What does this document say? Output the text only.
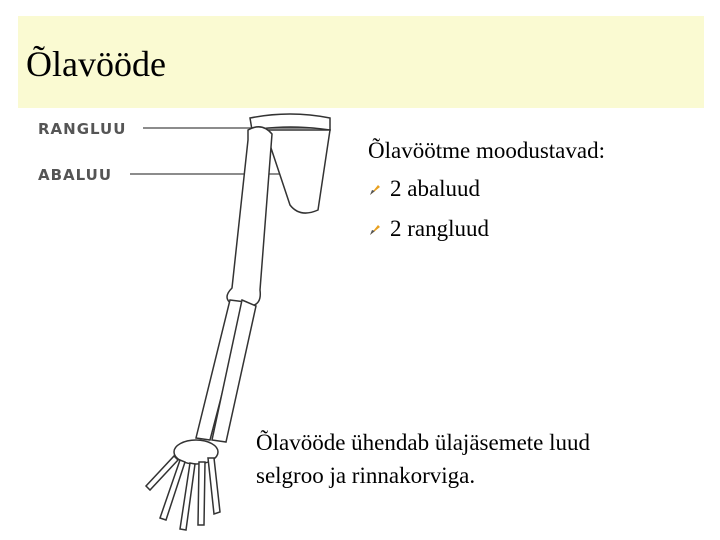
Õlavööde
RANGLUU
ABALUU
Õlavöötme moodustavad:
2 abaluud
2 rangluud
Õlavööde ühendab ülajäsemete luud
selgroo ja rinnakorviga.
